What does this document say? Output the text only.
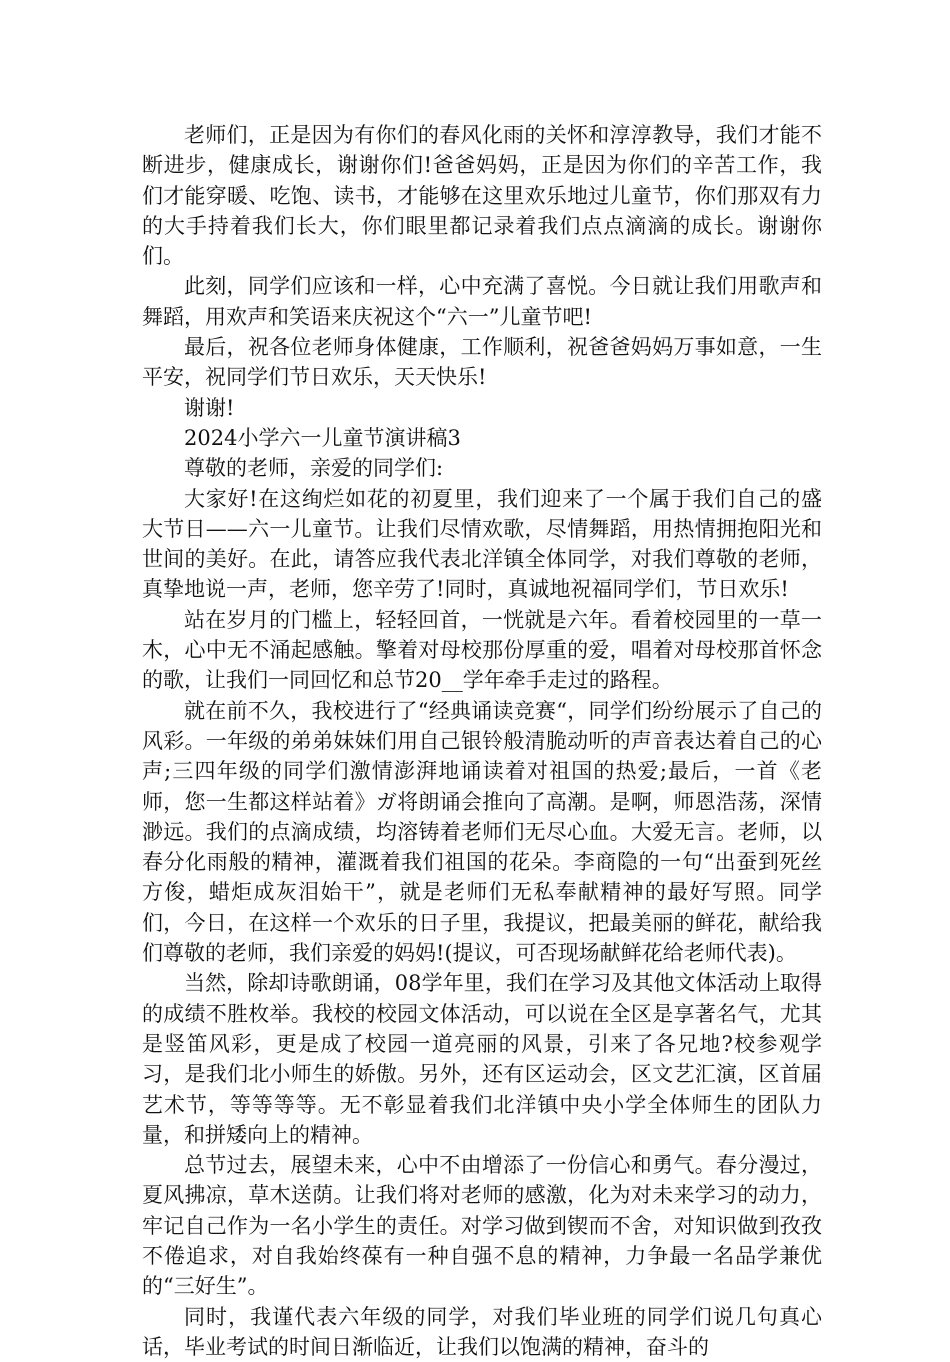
老师们，正是因为有你们的春风化雨的关怀和淳淳教导，我们才能不断进步，健康成长，谢谢你们!爸爸妈妈，正是因为你们的辛苦工作，我们才能穿暖、吃饱、读书，才能够在这里欢乐地过儿童节，你们那双有力的大手持着我们长大，你们眼里都记录着我们点点滴滴的成长。谢谢你们。

此刻，同学们应该和一样，心中充满了喜悦。今日就让我们用歌声和舞蹈，用欢声和笑语来庆祝这个“六一”儿童节吧!

最后，祝各位老师身体健康，工作顺利，祝爸爸妈妈万事如意，一生平安，祝同学们节日欢乐，天天快乐!

谢谢!

2024小学六一儿童节演讲稿3

尊敬的老师，亲爱的同学们:

大家好!在这绚烂如花的初夏里，我们迎来了一个属于我们自己的盛大节日——六一儿童节。让我们尽情欢歌，尽情舞蹈，用热情拥抱阳光和世间的美好。在此，请答应我代表北洋镇全体同学，对我们尊敬的老师，真挚地说一声，老师，您辛劳了!同时，真诚地祝福同学们，节日欢乐!

站在岁月的门槛上，轻轻回首，一恍就是六年。看着校园里的一草一木，心中无不涌起感触。擎着对母校那份厚重的爱，唱着对母校那首怀念的歌，让我们一同回忆和总节20__学年牵手走过的路程。

就在前不久，我校进行了“经典诵读竞赛“，同学们纷纷展示了自己的风彩。一年级的弟弟妹妹们用自己银铃般清脆动听的声音表达着自己的心声;三四年级的同学们激情澎湃地诵读着对祖国的热爱;最后，一首《老师，您一生都这样站着》ガ将朗诵会推向了高潮。是啊，师恩浩荡，深情渺远。我们的点滴成绩，均溶铸着老师们无尽心血。大爱无言。老师，以春分化雨般的精神，灌溉着我们祖国的花朵。李商隐的一句“出蚕到死丝方俊，蜡炬成灰泪始干”，就是老师们无私奉献精神的最好写照。同学们，今日，在这样一个欢乐的日子里，我提议，把最美丽的鲜花，献给我们尊敬的老师，我们亲爱的妈妈!(提议，可否现场献鲜花给老师代表)。

当然，除却诗歌朗诵，08学年里，我们在学习及其他文体活动上取得的成绩不胜枚举。我校的校园文体活动，可以说在全区是享著名气，尤其是竖笛风彩，更是成了校园一道亮丽的风景，引来了各兄地?校参观学习，是我们北小师生的娇傲。另外，还有区运动会，区文艺汇演，区首届艺术节，等等等等。无不彰显着我们北洋镇中央小学全体师生的团队力量，和拼矮向上的精神。

总节过去，展望未来，心中不由增添了一份信心和勇气。春分漫过，夏风拂凉，草木送荫。让我们将对老师的感激，化为对未来学习的动力，牢记自己作为一名小学生的责任。对学习做到锲而不舍，对知识做到孜孜不倦追求，对自我始终葆有一种自强不息的精神，力争最一名品学兼优的“三好生”。

同时，我谨代表六年级的同学，对我们毕业班的同学们说几句真心话，毕业考试的时间日渐临近，让我们以饱满的精神，奋斗的
